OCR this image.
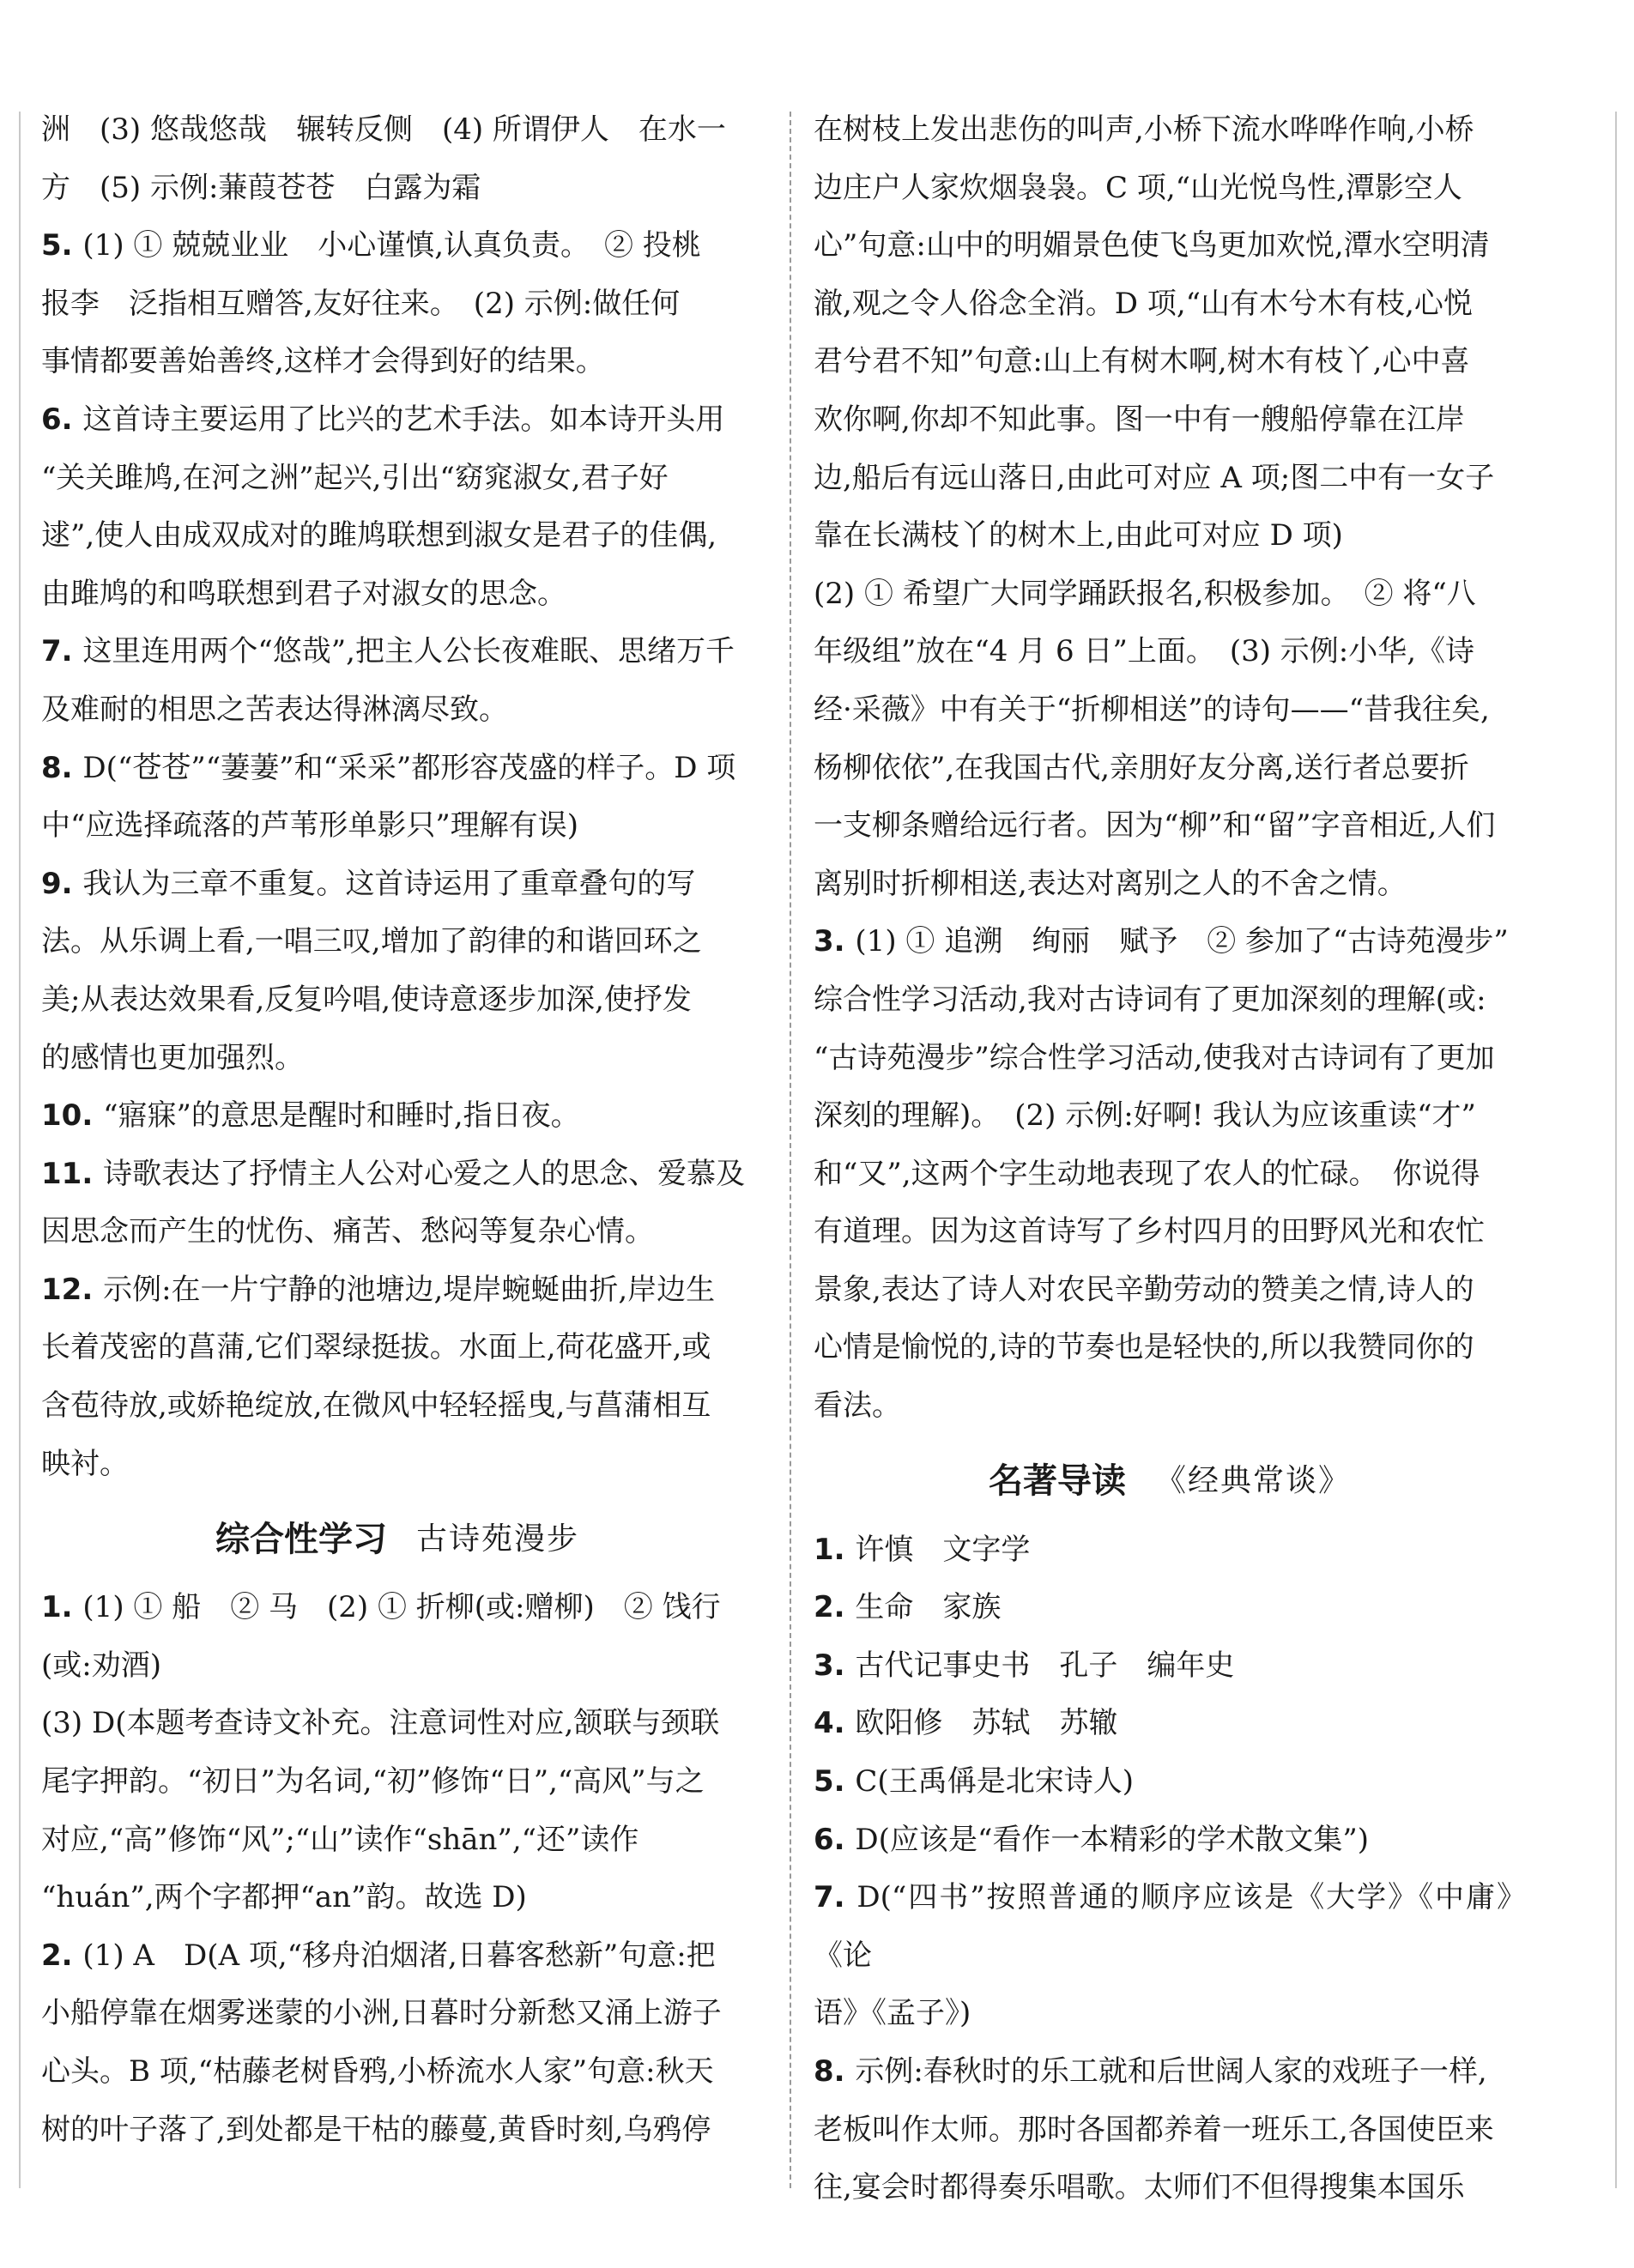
洲　(3) 悠哉悠哉　辗转反侧　(4) 所谓伊人　在水一

方　(5) 示例:蒹葭苍苍　白露为霜

5. (1) ① 兢兢业业　小心谨慎,认真负责。　② 投桃

报李　泛指相互赠答,友好往来。　(2) 示例:做任何

事情都要善始善终,这样才会得到好的结果。

6. 这首诗主要运用了比兴的艺术手法。如本诗开头用

“关关雎鸠,在河之洲”起兴,引出“窈窕淑女,君子好

逑”,使人由成双成对的雎鸠联想到淑女是君子的佳偶,

由雎鸠的和鸣联想到君子对淑女的思念。

7. 这里连用两个“悠哉”,把主人公长夜难眠、思绪万千

及难耐的相思之苦表达得淋漓尽致。

8. D(“苍苍”“萋萋”和“采采”都形容茂盛的样子。D 项

中“应选择疏落的芦苇形单影只”理解有误)

9. 我认为三章不重复。这首诗运用了重章叠句的写

法。从乐调上看,一唱三叹,增加了韵律的和谐回环之

美;从表达效果看,反复吟唱,使诗意逐步加深,使抒发

的感情也更加强烈。

10. “寤寐”的意思是醒时和睡时,指日夜。

11. 诗歌表达了抒情主人公对心爱之人的思念、爱慕及

因思念而产生的忧伤、痛苦、愁闷等复杂心情。

12. 示例:在一片宁静的池塘边,堤岸蜿蜒曲折,岸边生

长着茂密的菖蒲,它们翠绿挺拔。水面上,荷花盛开,或

含苞待放,或娇艳绽放,在微风中轻轻摇曳,与菖蒲相互

映衬。

综合性学习 古诗苑漫步

1. (1) ① 船　② 马　(2) ① 折柳(或:赠柳)　② 饯行

(或:劝酒)

(3) D(本题考查诗文补充。注意词性对应,颔联与颈联

尾字押韵。“初日”为名词,“初”修饰“日”,“高风”与之

对应,“高”修饰“风”;“山”读作“shān”,“还”读作

“huán”,两个字都押“an”韵。故选 D)

2. (1) A　D(A 项,“移舟泊烟渚,日暮客愁新”句意:把

小船停靠在烟雾迷蒙的小洲,日暮时分新愁又涌上游子

心头。B 项,“枯藤老树昏鸦,小桥流水人家”句意:秋天

树的叶子落了,到处都是干枯的藤蔓,黄昏时刻,乌鸦停

在树枝上发出悲伤的叫声,小桥下流水哗哗作响,小桥

边庄户人家炊烟袅袅。C 项,“山光悦鸟性,潭影空人

心”句意:山中的明媚景色使飞鸟更加欢悦,潭水空明清

澈,观之令人俗念全消。D 项,“山有木兮木有枝,心悦

君兮君不知”句意:山上有树木啊,树木有枝丫,心中喜

欢你啊,你却不知此事。图一中有一艘船停靠在江岸

边,船后有远山落日,由此可对应 A 项;图二中有一女子

靠在长满枝丫的树木上,由此可对应 D 项)

(2) ① 希望广大同学踊跃报名,积极参加。　② 将“八

年级组”放在“4 月 6 日”上面。　(3) 示例:小华,《诗

经·采薇》中有关于“折柳相送”的诗句——“昔我往矣,

杨柳依依”,在我国古代,亲朋好友分离,送行者总要折

一支柳条赠给远行者。因为“柳”和“留”字音相近,人们

离别时折柳相送,表达对离别之人的不舍之情。

3. (1) ① 追溯　绚丽　赋予　② 参加了“古诗苑漫步”

综合性学习活动,我对古诗词有了更加深刻的理解(或:

“古诗苑漫步”综合性学习活动,使我对古诗词有了更加

深刻的理解)。　(2) 示例:好啊! 我认为应该重读“才”

和“又”,这两个字生动地表现了农人的忙碌。　你说得

有道理。因为这首诗写了乡村四月的田野风光和农忙

景象,表达了诗人对农民辛勤劳动的赞美之情,诗人的

心情是愉悦的,诗的节奏也是轻快的,所以我赞同你的

看法。

名著导读 《经典常谈》

1. 许慎　文字学

2. 生命　家族

3. 古代记事史书　孔子　编年史

4. 欧阳修　苏轼　苏辙

5. C(王禹偁是北宋诗人)

6. D(应该是“看作一本精彩的学术散文集”)

7. D(“四书”按照普通的顺序应该是《大学》《中庸》《论

语》《孟子》)

8. 示例:春秋时的乐工就和后世阔人家的戏班子一样,

老板叫作太师。那时各国都养着一班乐工,各国使臣来

往,宴会时都得奏乐唱歌。太师们不但得搜集本国乐
